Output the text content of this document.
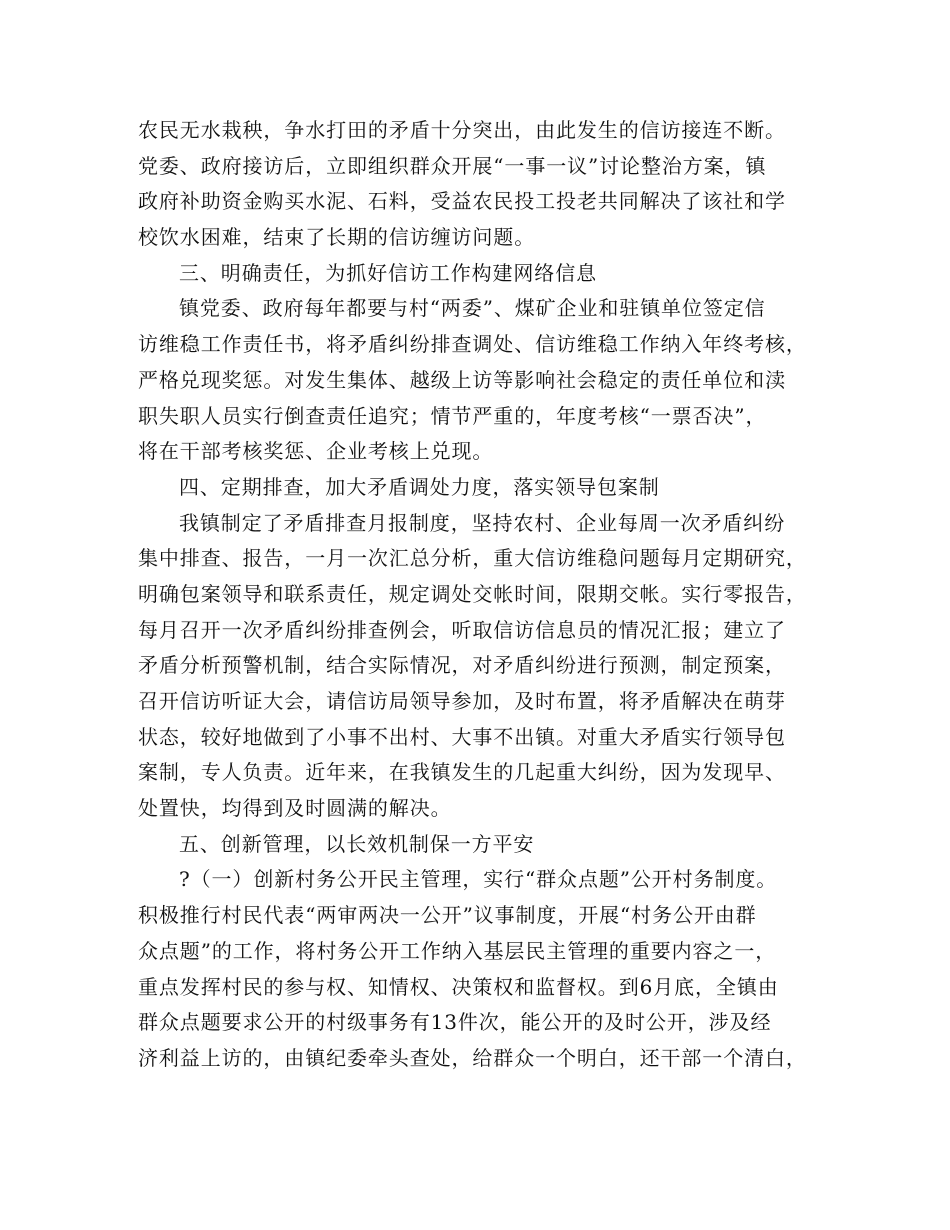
农民无水栽秧，争水打田的矛盾十分突出，由此发生的信访接连不断。
党委、政府接访后，立即组织群众开展“一事一议”讨论整治方案，镇
政府补助资金购买水泥、石料，受益农民投工投老共同解决了该社和学
校饮水困难，结束了长期的信访缠访问题。
三、明确责任，为抓好信访工作构建网络信息
镇党委、政府每年都要与村“两委”、煤矿企业和驻镇单位签定信
访维稳工作责任书，将矛盾纠纷排查调处、信访维稳工作纳入年终考核，
严格兑现奖惩。对发生集体、越级上访等影响社会稳定的责任单位和渎
职失职人员实行倒查责任追究；情节严重的，年度考核“一票否决”，
将在干部考核奖惩、企业考核上兑现。
四、定期排查，加大矛盾调处力度，落实领导包案制
我镇制定了矛盾排查月报制度，坚持农村、企业每周一次矛盾纠纷
集中排查、报告，一月一次汇总分析，重大信访维稳问题每月定期研究，
明确包案领导和联系责任，规定调处交帐时间，限期交帐。实行零报告，
每月召开一次矛盾纠纷排查例会，听取信访信息员的情况汇报；建立了
矛盾分析预警机制，结合实际情况，对矛盾纠纷进行预测，制定预案，
召开信访听证大会，请信访局领导参加，及时布置，将矛盾解决在萌芽
状态，较好地做到了小事不出村、大事不出镇。对重大矛盾实行领导包
案制，专人负责。近年来，在我镇发生的几起重大纠纷，因为发现早、
处置快，均得到及时圆满的解决。
五、创新管理，以长效机制保一方平安
?（一）创新村务公开民主管理，实行“群众点题”公开村务制度。
积极推行村民代表“两审两决一公开”议事制度，开展“村务公开由群
众点题”的工作，将村务公开工作纳入基层民主管理的重要内容之一，
重点发挥村民的参与权、知情权、决策权和监督权。到6月底，全镇由
群众点题要求公开的村级事务有13件次，能公开的及时公开，涉及经
济利益上访的，由镇纪委牵头查处，给群众一个明白，还干部一个清白，
